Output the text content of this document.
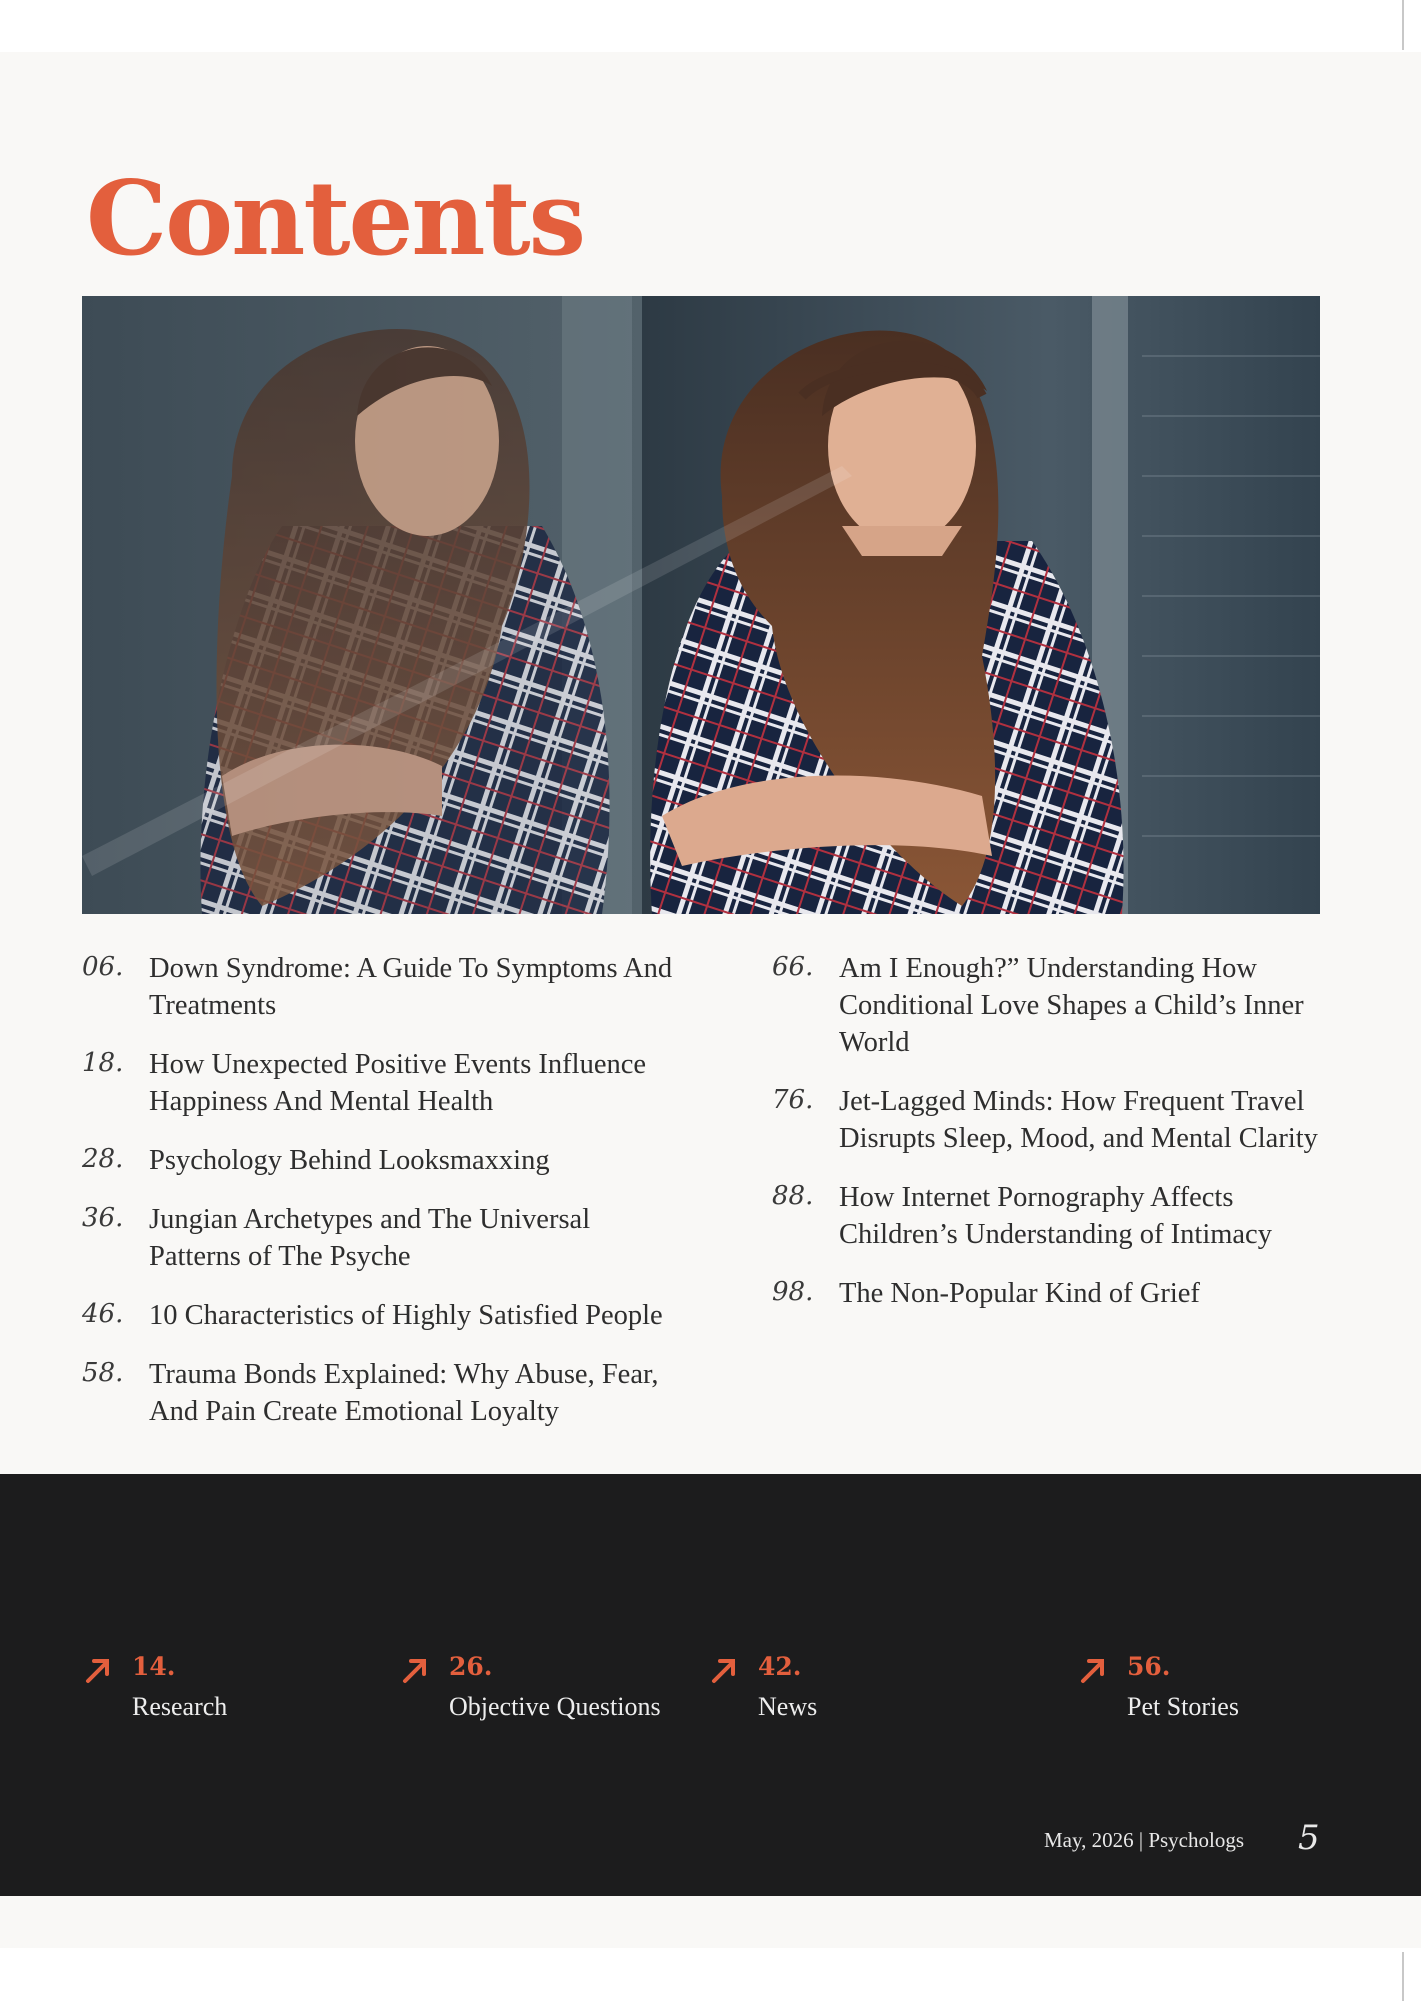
Contents
06. Down Syndrome: A Guide To Symptoms And Treatments
18. How Unexpected Positive Events Influence Happiness And Mental Health
28. Psychology Behind Looksmaxxing
36. Jungian Archetypes and The Universal Patterns of The Psyche
46. 10 Characteristics of Highly Satisfied People
58. Trauma Bonds Explained: Why Abuse, Fear, And Pain Create Emotional Loyalty
66. Am I Enough?” Understanding How Conditional Love Shapes a Child’s Inner World
76. Jet-Lagged Minds: How Frequent Travel Disrupts Sleep, Mood, and Mental Clarity
88. How Internet Pornography Affects Children’s Understanding of Intimacy
98. The Non-Popular Kind of Grief
14.
Research
26.
Objective Questions
42.
News
56.
Pet Stories
May, 2026 | Psychologs 5
